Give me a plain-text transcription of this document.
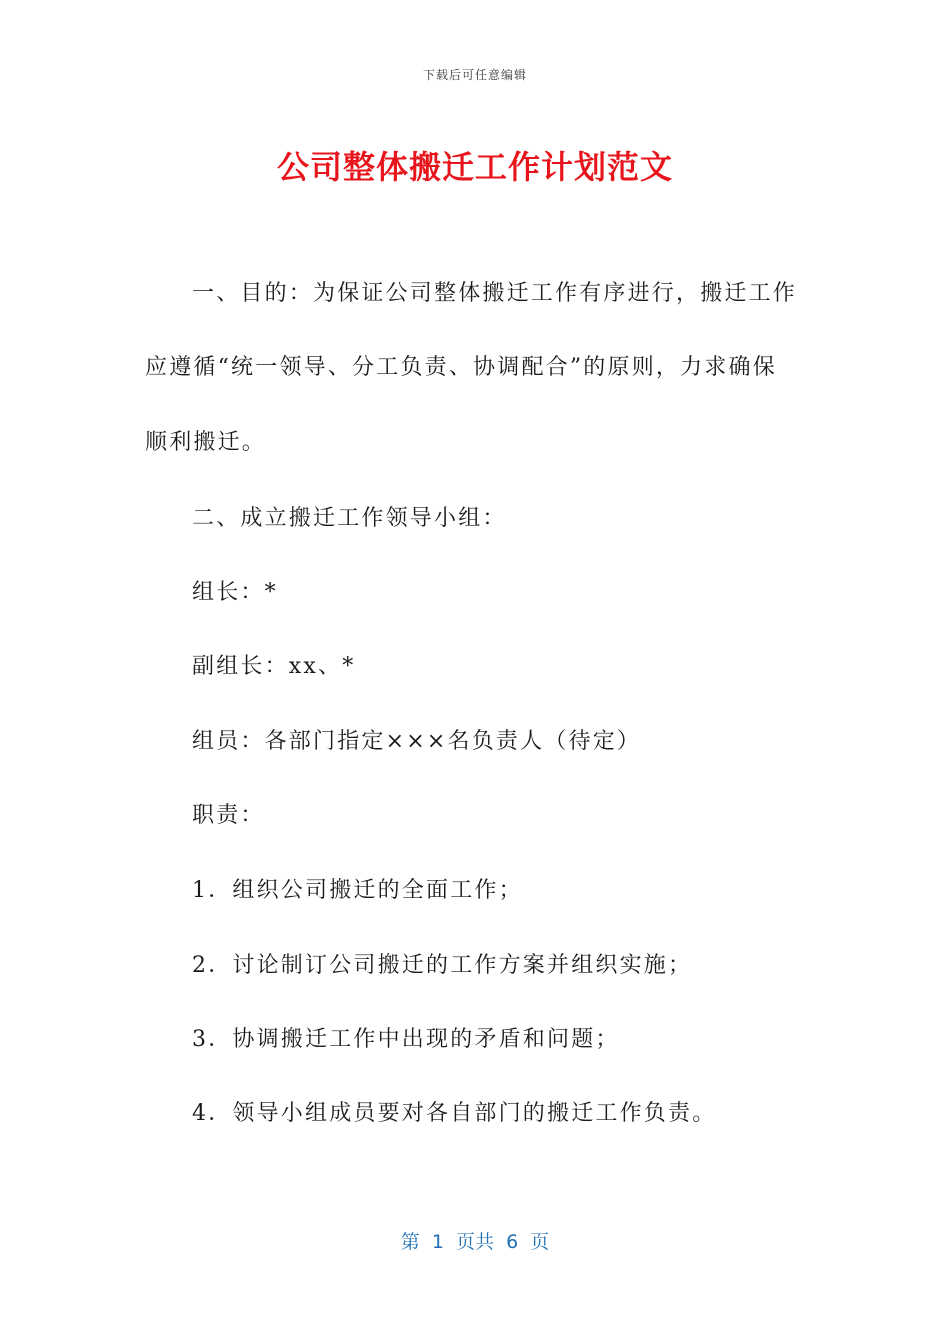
下载后可任意编辑
公司整体搬迁工作计划范文
一、目的：为保证公司整体搬迁工作有序进行，搬迁工作
应遵循“统一领导、分工负责、协调配合”的原则，力求确保
顺利搬迁。
二、成立搬迁工作领导小组：
组长：*
副组长：xx、*
组员：各部门指定×××名负责人（待定）
职责：
1．组织公司搬迁的全面工作；
2．讨论制订公司搬迁的工作方案并组织实施；
3．协调搬迁工作中出现的矛盾和问题；
4．领导小组成员要对各自部门的搬迁工作负责。
第  1  页共  6  页
